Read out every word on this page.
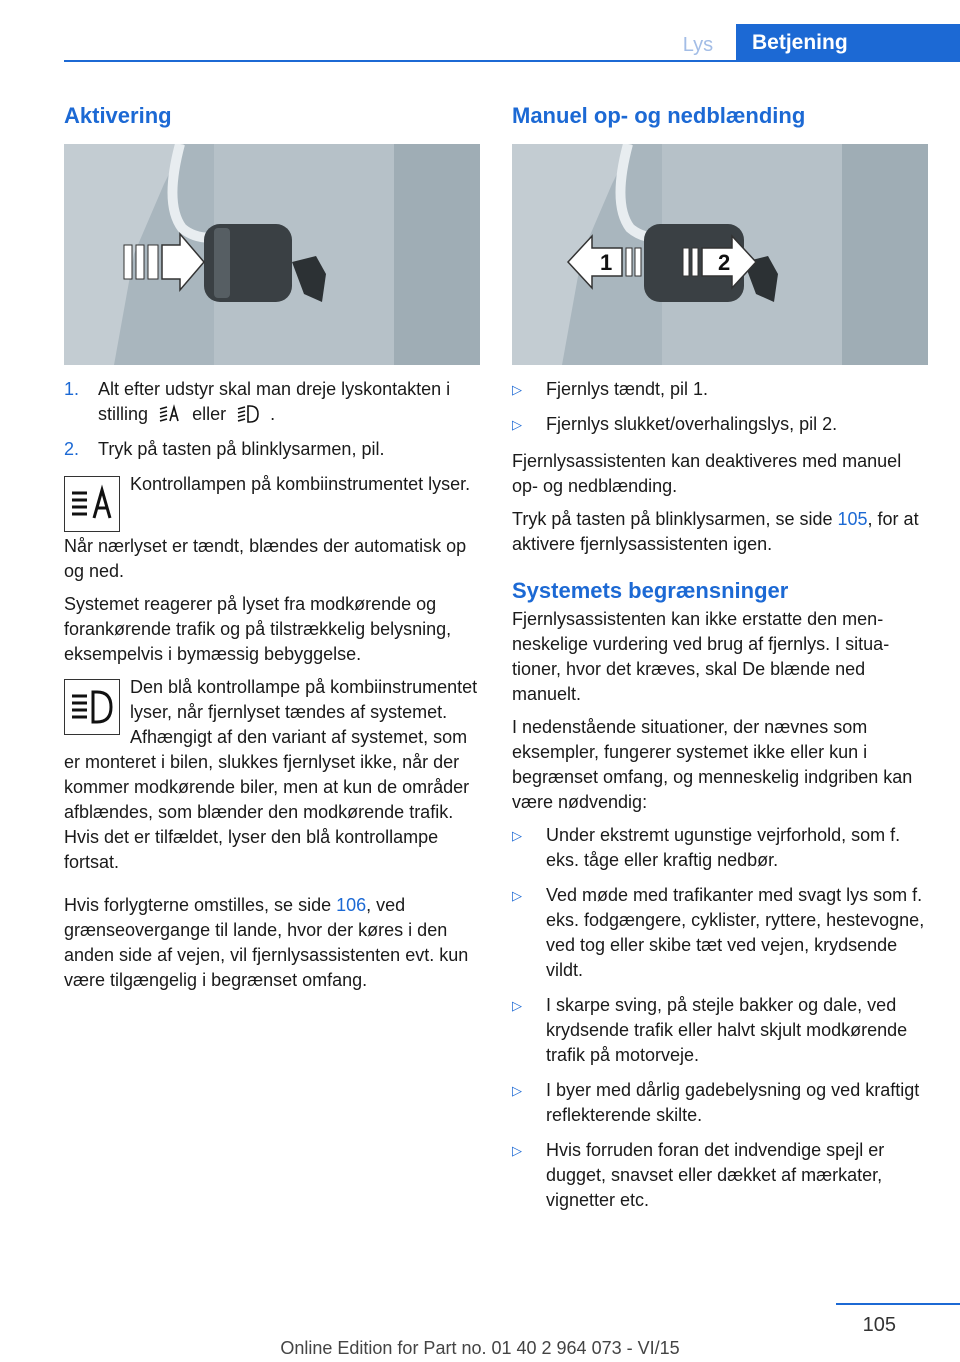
Lys	Betjening
Aktivering
1.	Alt efter udstyr skal man dreje lyskontakten i stilling eller .
2.	Tryk på tasten på blinklysarmen, pil.
Kontrollampen på kombiinstrumentet lyser.

Når nærlyset er tændt, blændes der automatisk op og ned.

Systemet reagerer på lyset fra modkørende og forankørende trafik og på tilstrækkelig belysning, eksempelvis i bymæssig bebyggelse.

Den blå kontrollampe på kombiinstrumentet lyser, når fjernlyset tændes af systemet. Afhængigt af den variant af systemet, som er monteret i bilen, slukkes fjernlyset ikke, når der kommer modkørende biler, men at kun de områder afblændes, som blænder den modkørende trafik. Hvis det er tilfældet, lyser den blå kontrollampe fortsat.

Hvis forlygterne omstilles, se side 106, ved grænseovergange til lande, hvor der køres i den anden side af vejen, vil fjernlysassistenten evt. kun være tilgængelig i begrænset omfang.

Manuel op- og nedblænding
1	2
▷	Fjernlys tændt, pil 1.
▷	Fjernlys slukket/overhalingslys, pil 2.

Fjernlysassistenten kan deaktiveres med manuel op- og nedblænding.

Tryk på tasten på blinklysarmen, se side 105, for at aktivere fjernlysassistenten igen.

Systemets begrænsninger

Fjernlysassistenten kan ikke erstatte den menneskelige vurdering ved brug af fjernlys. I situationer, hvor det kræves, skal De blænde ned manuelt.

I nedenstående situationer, der nævnes som eksempler, fungerer systemet ikke eller kun i begrænset omfang, og menneskelig indgriben kan være nødvendig:

▷	Under ekstremt ugunstige vejrforhold, som f. eks. tåge eller kraftig nedbør.
▷	Ved møde med trafikanter med svagt lys som f. eks. fodgængere, cyklister, ryttere, hestevogne, ved tog eller skibe tæt ved vejen, krydsende vildt.
▷	I skarpe sving, på stejle bakker og dale, ved krydsende trafik eller halvt skjult modkørende trafik på motorveje.
▷	I byer med dårlig gadebelysning og ved kraftigt reflekterende skilte.
▷	Hvis forruden foran det indvendige spejl er dugget, snavset eller dækket af mærkater, vignetter etc.
105
Online Edition for Part no. 01 40 2 964 073 - VI/15
